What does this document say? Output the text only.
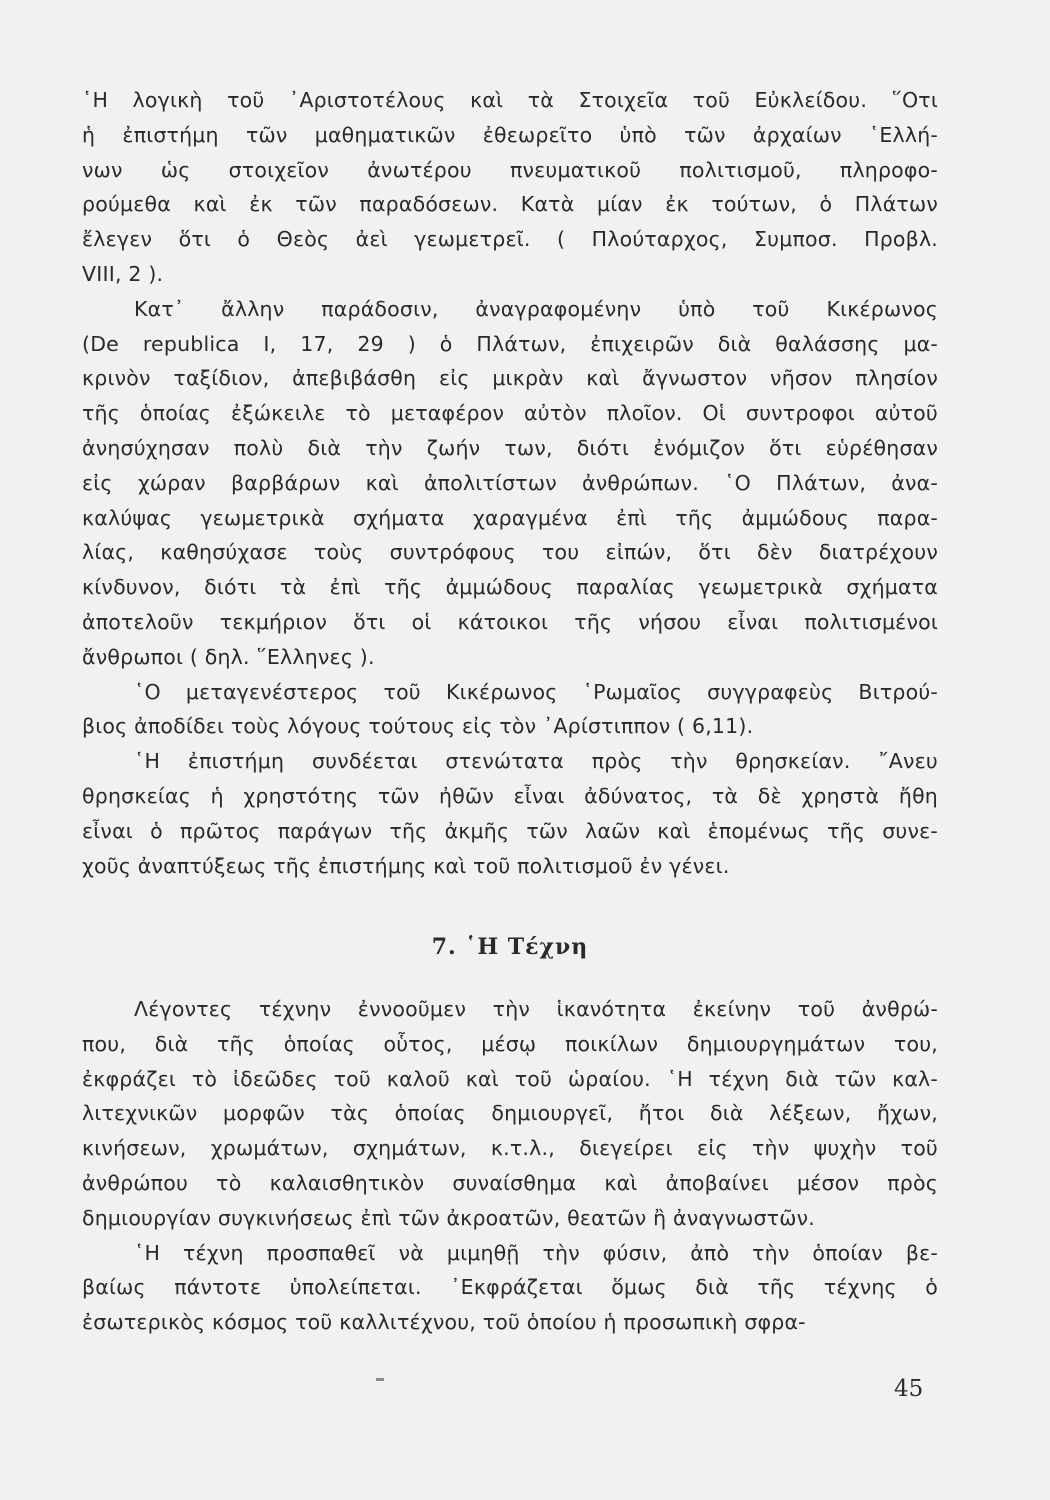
῾Η λογικὴ τοῦ ᾿Αριστοτέλους καὶ τὰ Στοιχεῖα τοῦ Εὐκλείδου. ῞Οτι
ἡ ἐπιστήμη τῶν μαθηματικῶν ἐθεωρεῖτο ὑπὸ τῶν ἀρχαίων ῾Ελλή-
νων ὡς στοιχεῖον ἀνωτέρου πνευματικοῦ πολιτισμοῦ, πληροφο-
ρούμεθα καὶ ἐκ τῶν παραδόσεων. Κατὰ μίαν ἐκ τούτων, ὁ Πλάτων
ἔλεγεν ὅτι ὁ Θεὸς ἀεὶ γεωμετρεῖ. ( Πλούταρχος, Συμποσ. Προβλ.
VIII, 2 ).
Κατ᾿ ἄλλην παράδοσιν, ἀναγραφομένην ὑπὸ τοῦ Κικέρωνος
(De republica I, 17, 29 ) ὁ Πλάτων, ἐπιχειρῶν διὰ θαλάσσης μα-
κρινὸν ταξίδιον, ἀπεβιβάσθη εἰς μικρὰν καὶ ἄγνωστον νῆσον πλησίον
τῆς ὁποίας ἐξώκειλε τὸ μεταφέρον αὐτὸν πλοῖον. Οἱ συντροφοι αὐτοῦ
ἀνησύχησαν πολὺ διὰ τὴν ζωήν των, διότι ἐνόμιζον ὅτι εὑρέθησαν
εἰς χώραν βαρβάρων καὶ ἀπολιτίστων ἀνθρώπων. ῾Ο Πλάτων, ἀνα-
καλύψας γεωμετρικὰ σχήματα χαραγμένα ἐπὶ τῆς ἀμμώδους παρα-
λίας, καθησύχασε τοὺς συντρόφους του εἰπών, ὅτι δὲν διατρέχουν
κίνδυνον, διότι τὰ ἐπὶ τῆς ἀμμώδους παραλίας γεωμετρικὰ σχήματα
ἀποτελοῦν τεκμήριον ὅτι οἱ κάτοικοι τῆς νήσου εἶναι πολιτισμένοι
ἄνθρωποι ( δηλ. ῞Ελληνες ).
῾Ο μεταγενέστερος τοῦ Κικέρωνος ῾Ρωμαῖος συγγραφεὺς Βιτρού-
βιος ἀποδίδει τοὺς λόγους τούτους εἰς τὸν ᾿Αρίστιππον ( 6,11).
῾Η ἐπιστήμη συνδέεται στενώτατα πρὸς τὴν θρησκείαν. ῎Ανευ
θρησκείας ἡ χρηστότης τῶν ἠθῶν εἶναι ἀδύνατος, τὰ δὲ χρηστὰ ἤθη
εἶναι ὁ πρῶτος παράγων τῆς ἀκμῆς τῶν λαῶν καὶ ἑπομένως τῆς συνε-
χοῦς ἀναπτύξεως τῆς ἐπιστήμης καὶ τοῦ πολιτισμοῦ ἐν γένει.
7. ῾Η Τέχνη
Λέγοντες τέχνην ἐννοοῦμεν τὴν ἱκανότητα ἐκείνην τοῦ ἀνθρώ-
που, διὰ τῆς ὁποίας οὗτος, μέσῳ ποικίλων δημιουργημάτων του,
ἐκφράζει τὸ ἰδεῶδες τοῦ καλοῦ καὶ τοῦ ὡραίου. ῾Η τέχνη διὰ τῶν καλ-
λιτεχνικῶν μορφῶν τὰς ὁποίας δημιουργεῖ, ἤτοι διὰ λέξεων, ἤχων,
κινήσεων, χρωμάτων, σχημάτων, κ.τ.λ., διεγείρει εἰς τὴν ψυχὴν τοῦ
ἀνθρώπου τὸ καλαισθητικὸν συναίσθημα καὶ ἀποβαίνει μέσον πρὸς
δημιουργίαν συγκινήσεως ἐπὶ τῶν ἀκροατῶν, θεατῶν ἢ ἀναγνωστῶν.
῾Η τέχνη προσπαθεῖ νὰ μιμηθῇ τὴν φύσιν, ἀπὸ τὴν ὁποίαν βε-
βαίως πάντοτε ὑπολείπεται. ᾿Εκφράζεται ὅμως διὰ τῆς τέχνης ὁ
ἐσωτερικὸς κόσμος τοῦ καλλιτέχνου, τοῦ ὁποίου ἡ προσωπικὴ σφρα-
45
